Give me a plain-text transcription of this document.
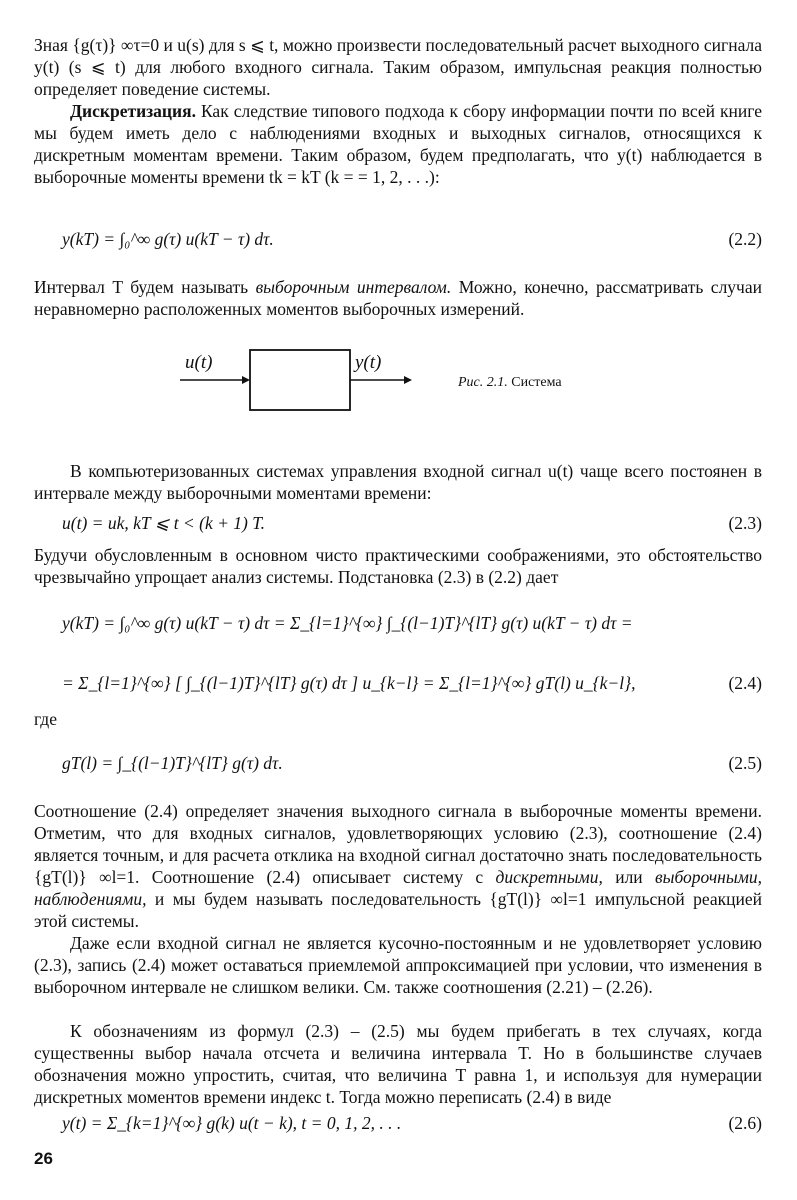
Зная {g(τ)} ∞τ=0 и u(s) для s ⩽ t, можно произвести последовательный расчет выходного сигнала y(t) (s ⩽ t) для любого входного сигнала. Таким образом, импульсная реакция полностью определяет поведение системы.

Дискретизация. Как следствие типового подхода к сбору информации почти по всей книге мы будем иметь дело с наблюдениями входных и выходных сигналов, относящихся к дискретным моментам времени. Таким образом, будем предполагать, что y(t) наблюдается в выборочные моменты времени tk = kT (k = = 1, 2, . . .):

y(kT) = ∫₀^∞ g(τ) u(kT − τ) dτ.	(2.2)

Интервал T будем называть выборочным интервалом. Можно, конечно, рассматривать случаи неравномерно расположенных моментов выборочных измерений.

u(t)	y(t)
Рис. 2.1. Система

В компьютеризованных системах управления входной сигнал u(t) чаще всего постоянен в интервале между выборочными моментами времени:

u(t) = uk, kT ⩽ t < (k + 1) T.	(2.3)

Будучи обусловленным в основном чисто практическими соображениями, это обстоятельство чрезвычайно упрощает анализ системы. Подстановка (2.3) в (2.2) дает

y(kT) = ∫₀^∞ g(τ) u(kT − τ) dτ = Σ_{l=1}^{∞} ∫_{(l−1)T}^{lT} g(τ) u(kT − τ) dτ =
= Σ_{l=1}^{∞} [ ∫_{(l−1)T}^{lT} g(τ) dτ ] u_{k−l} = Σ_{l=1}^{∞} gT(l) u_{k−l},	(2.4)
где
gT(l) = ∫_{(l−1)T}^{lT} g(τ) dτ.	(2.5)

Соотношение (2.4) определяет значения выходного сигнала в выборочные моменты времени. Отметим, что для входных сигналов, удовлетворяющих условию (2.3), соотношение (2.4) является точным, и для расчета отклика на входной сигнал достаточно знать последовательность {gT(l)} ∞l=1. Соотношение (2.4) описывает систему с дискретными, или выборочными, наблюдениями, и мы будем называть последовательность {gT(l)} ∞l=1 импульсной реакцией этой системы.

Даже если входной сигнал не является кусочно-постоянным и не удовлетворяет условию (2.3), запись (2.4) может оставаться приемлемой аппроксимацией при условии, что изменения в выборочном интервале не слишком велики. См. также соотношения (2.21) – (2.26).

К обозначениям из формул (2.3) – (2.5) мы будем прибегать в тех случаях, когда существенны выбор начала отсчета и величина интервала T. Но в большинстве случаев обозначения можно упростить, считая, что величина T равна 1, и используя для нумерации дискретных моментов времени индекс t. Тогда можно переписать (2.4) в виде

y(t) = Σ_{k=1}^{∞} g(k) u(t − k), t = 0, 1, 2, . . .	(2.6)
26
